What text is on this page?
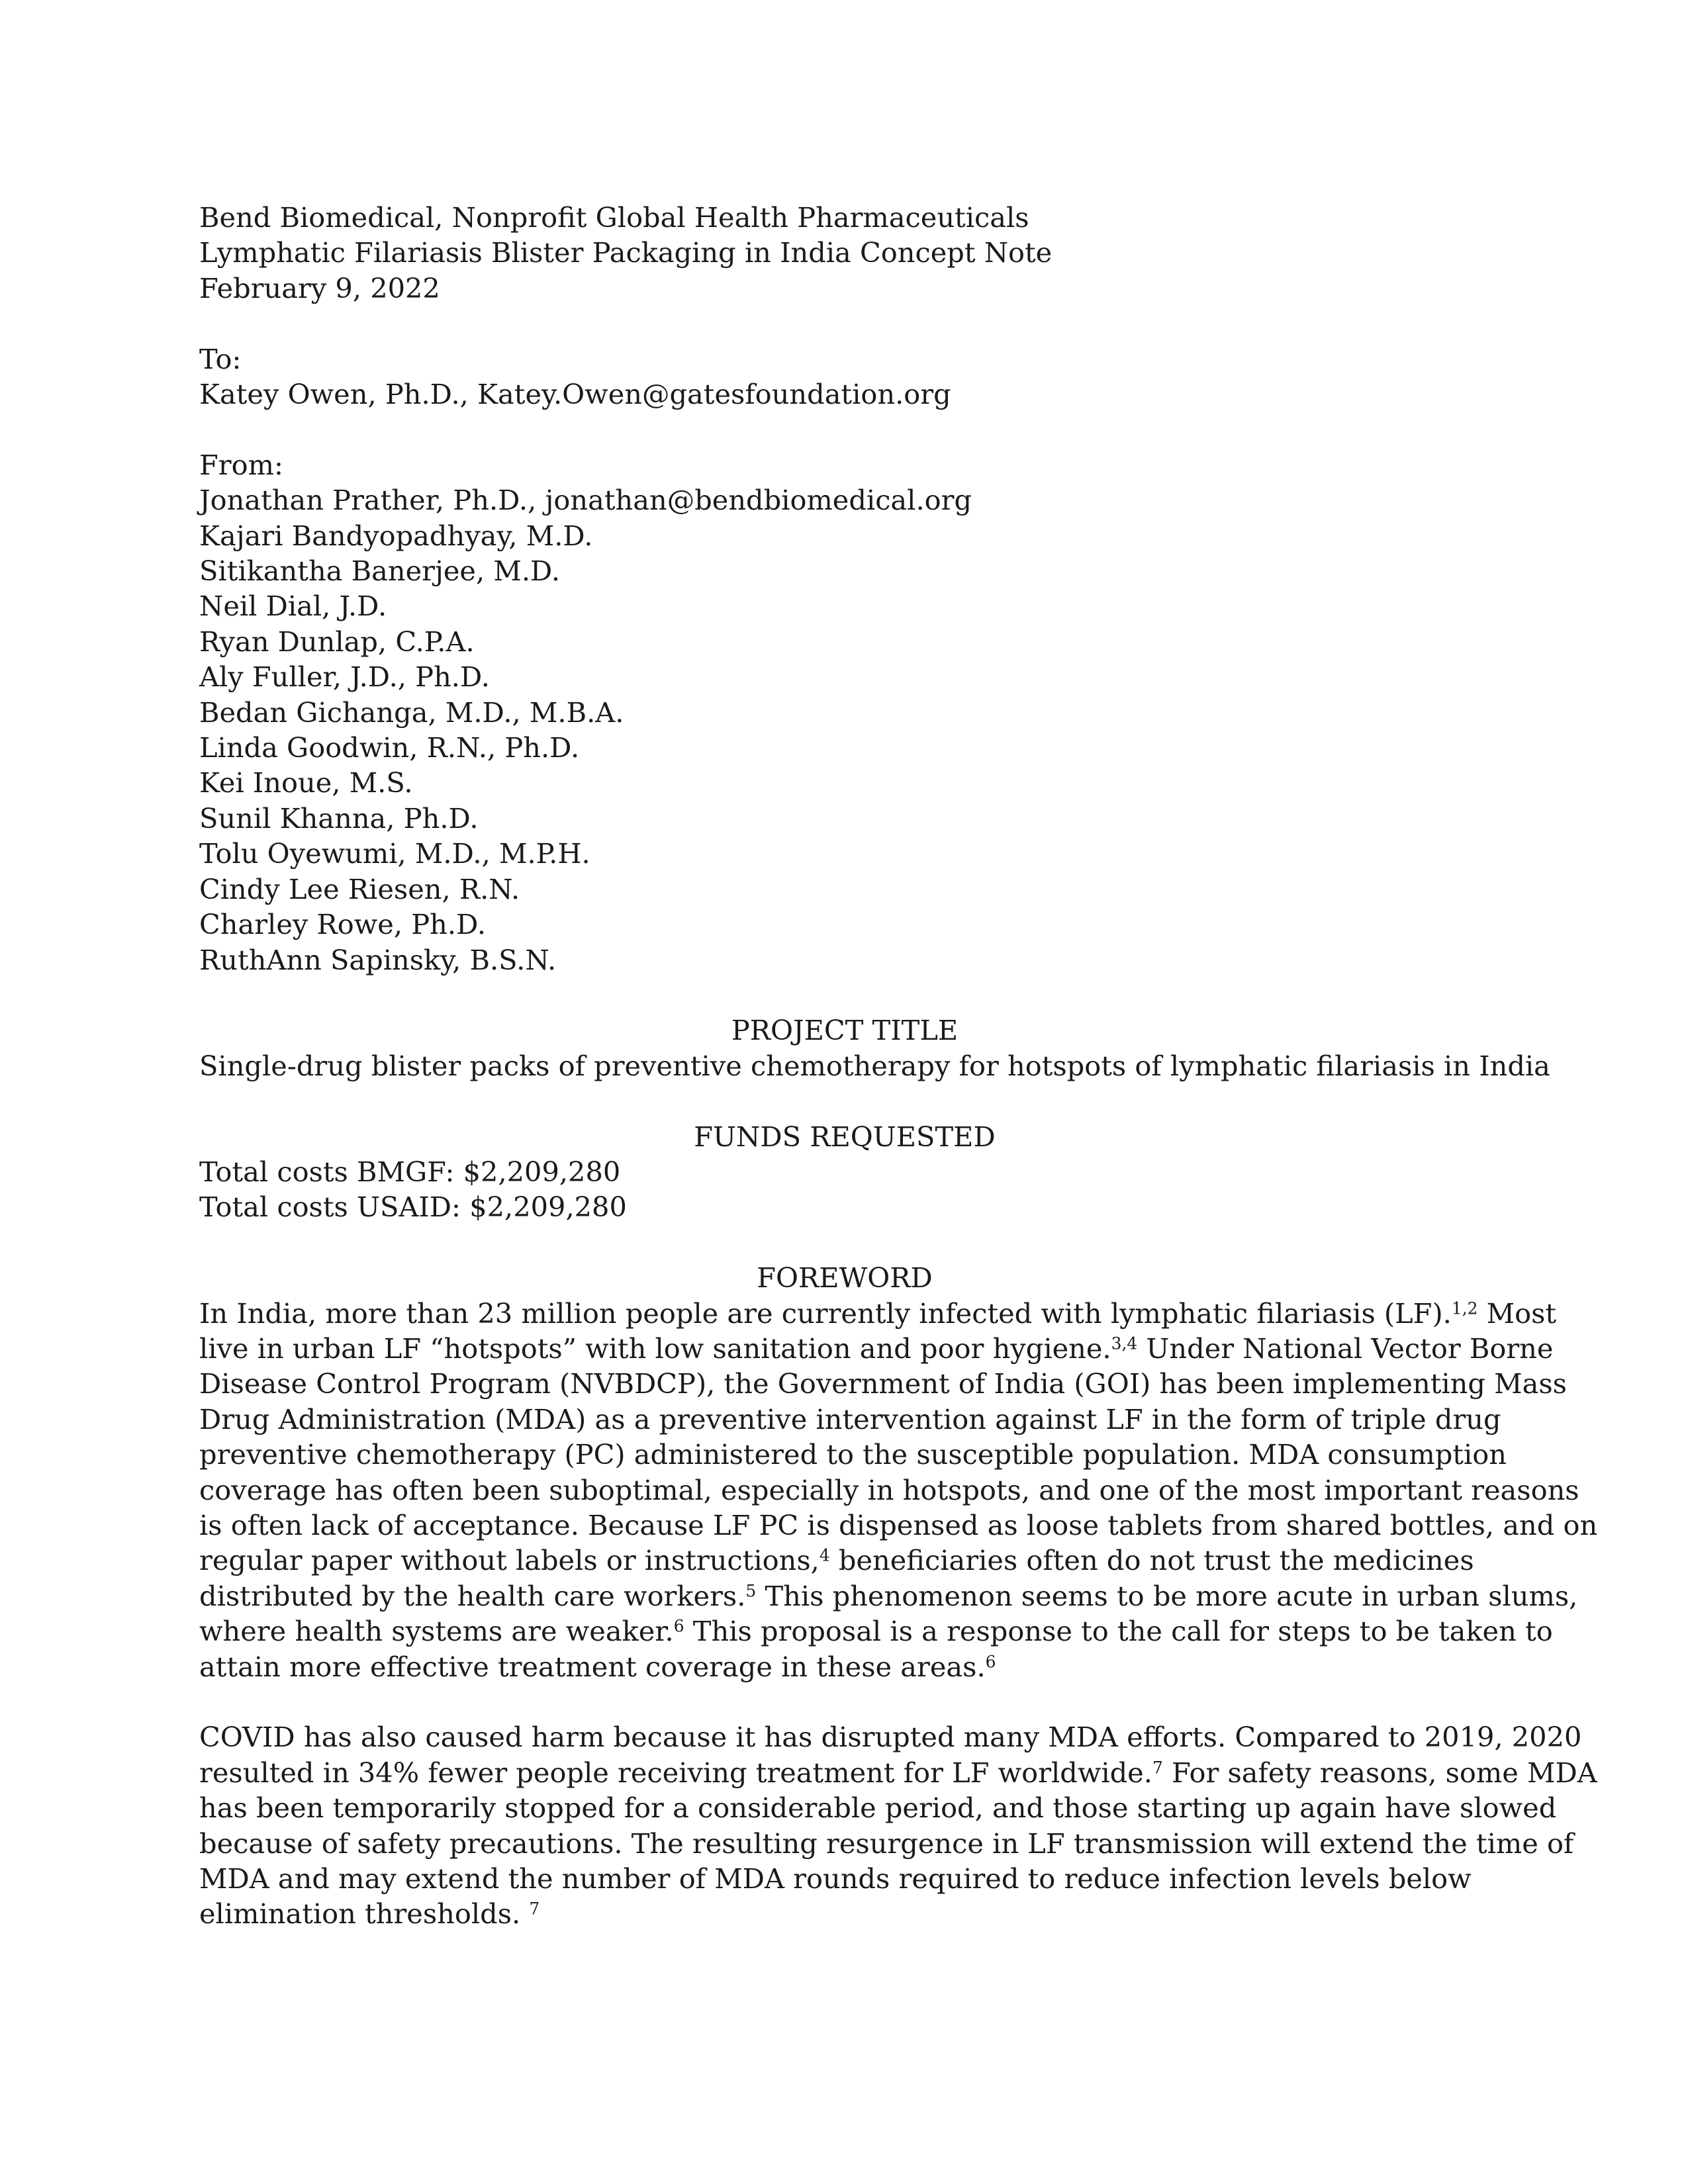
Bend Biomedical, Nonprofit Global Health Pharmaceuticals
Lymphatic Filariasis Blister Packaging in India Concept Note
February 9, 2022
To:
Katey Owen, Ph.D., Katey.Owen@gatesfoundation.org
From:
Jonathan Prather, Ph.D., jonathan@bendbiomedical.org
Kajari Bandyopadhyay, M.D.
Sitikantha Banerjee, M.D.
Neil Dial, J.D.
Ryan Dunlap, C.P.A.
Aly Fuller, J.D., Ph.D.
Bedan Gichanga, M.D., M.B.A.
Linda Goodwin, R.N., Ph.D.
Kei Inoue, M.S.
Sunil Khanna, Ph.D.
Tolu Oyewumi, M.D., M.P.H.
Cindy Lee Riesen, R.N.
Charley Rowe, Ph.D.
RuthAnn Sapinsky, B.S.N.
PROJECT TITLE
Single-drug blister packs of preventive chemotherapy for hotspots of lymphatic filariasis in India
FUNDS REQUESTED
Total costs BMGF: $2,209,280
Total costs USAID: $2,209,280
FOREWORD
In India, more than 23 million people are currently infected with lymphatic filariasis (LF).$^{1,2}$ Most
live in urban LF “hotspots” with low sanitation and poor hygiene.$^{3,4}$ Under National Vector Borne
Disease Control Program (NVBDCP), the Government of India (GOI) has been implementing Mass
Drug Administration (MDA) as a preventive intervention against LF in the form of triple drug
preventive chemotherapy (PC) administered to the susceptible population. MDA consumption
coverage has often been suboptimal, especially in hotspots, and one of the most important reasons
is often lack of acceptance. Because LF PC is dispensed as loose tablets from shared bottles, and on
regular paper without labels or instructions,$^4$ beneficiaries often do not trust the medicines
distributed by the health care workers.$^5$ This phenomenon seems to be more acute in urban slums,
where health systems are weaker.$^6$ This proposal is a response to the call for steps to be taken to
attain more effective treatment coverage in these areas.$^6$
COVID has also caused harm because it has disrupted many MDA efforts. Compared to 2019, 2020
resulted in 34% fewer people receiving treatment for LF worldwide.$^7$ For safety reasons, some MDA
has been temporarily stopped for a considerable period, and those starting up again have slowed
because of safety precautions. The resulting resurgence in LF transmission will extend the time of
MDA and may extend the number of MDA rounds required to reduce infection levels below
elimination thresholds. $^7$
